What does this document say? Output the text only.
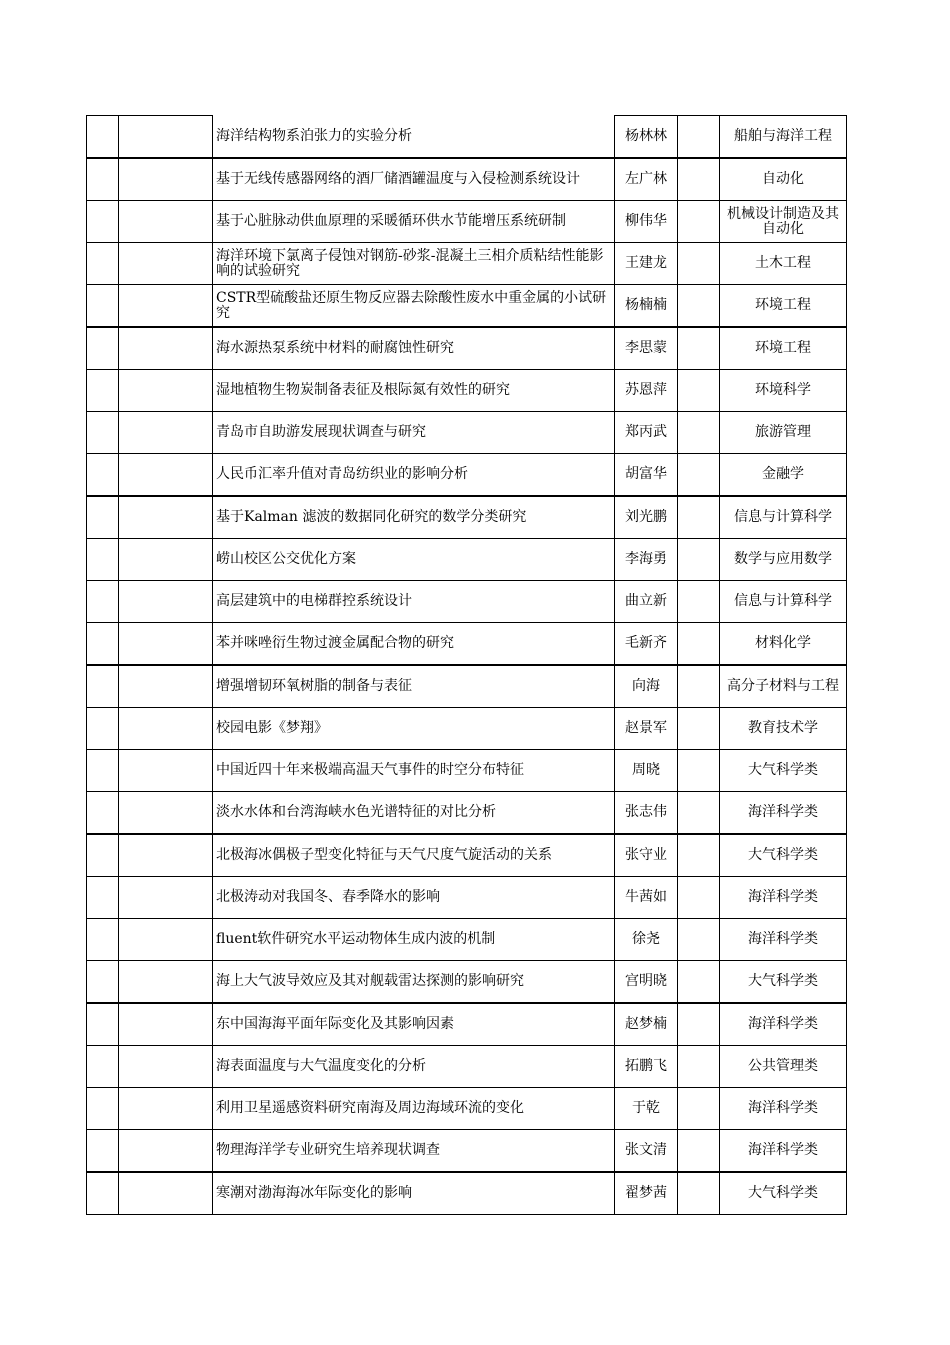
		海洋结构物系泊张力的实验分析	杨林林		船舶与海洋工程
		基于无线传感器网络的酒厂储酒罐温度与入侵检测系统设计	左广林		自动化
		基于心脏脉动供血原理的采暖循环供水节能增压系统研制	柳伟华		机械设计制造及其自动化
		海洋环境下氯离子侵蚀对钢筋-砂浆-混凝土三相介质粘结性能影响的试验研究	王建龙		土木工程
		CSTR型硫酸盐还原生物反应器去除酸性废水中重金属的小试研究	杨楠楠		环境工程
		海水源热泵系统中材料的耐腐蚀性研究	李思蒙		环境工程
		湿地植物生物炭制备表征及根际氮有效性的研究	苏恩萍		环境科学
		青岛市自助游发展现状调查与研究	郑丙武		旅游管理
		人民币汇率升值对青岛纺织业的影响分析	胡富华		金融学
		基于Kalman 滤波的数据同化研究的数学分类研究	刘光鹏		信息与计算科学
		崂山校区公交优化方案	李海勇		数学与应用数学
		高层建筑中的电梯群控系统设计	曲立新		信息与计算科学
		苯并咪唑衍生物过渡金属配合物的研究	毛新齐		材料化学
		增强增韧环氧树脂的制备与表征	向海		高分子材料与工程
		校园电影《梦翔》	赵景军		教育技术学
		中国近四十年来极端高温天气事件的时空分布特征	周晓		大气科学类
		淡水水体和台湾海峡水色光谱特征的对比分析	张志伟		海洋科学类
		北极海冰偶极子型变化特征与天气尺度气旋活动的关系	张守业		大气科学类
		北极涛动对我国冬、春季降水的影响	牛茜如		海洋科学类
		fluent软件研究水平运动物体生成内波的机制	徐尧		海洋科学类
		海上大气波导效应及其对舰载雷达探测的影响研究	宫明晓		大气科学类
		东中国海海平面年际变化及其影响因素	赵梦楠		海洋科学类
		海表面温度与大气温度变化的分析	拓鹏飞		公共管理类
		利用卫星遥感资料研究南海及周边海域环流的变化	于乾		海洋科学类
		物理海洋学专业研究生培养现状调查	张文清		海洋科学类
		寒潮对渤海海冰年际变化的影响	翟梦茜		大气科学类
